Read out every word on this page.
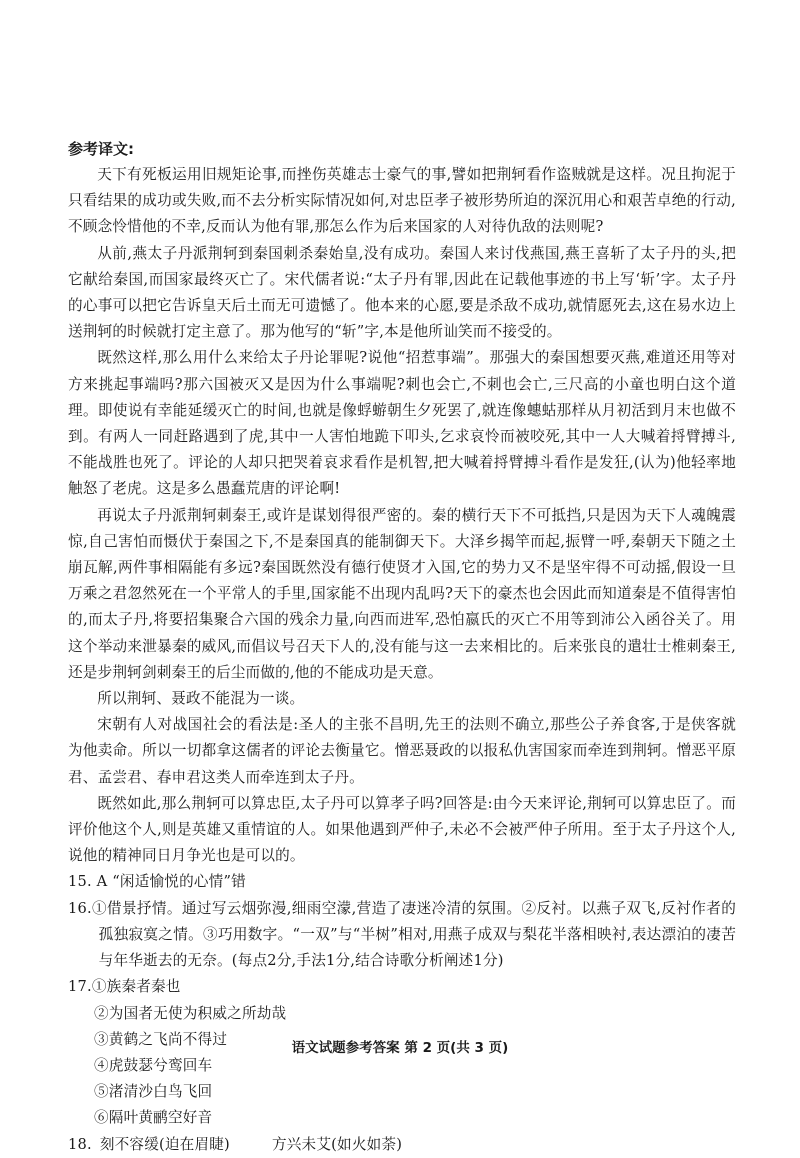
参考译文:

天下有死板运用旧规矩论事,而挫伤英雄志士豪气的事,譬如把荆轲看作盗贼就是这样。况且拘泥于只看结果的成功或失败,而不去分析实际情况如何,对忠臣孝子被形势所迫的深沉用心和艰苦卓绝的行动,不顾念怜惜他的不幸,反而认为他有罪,那怎么作为后来国家的人对待仇敌的法则呢?

从前,燕太子丹派荆轲到秦国刺杀秦始皇,没有成功。秦国人来讨伐燕国,燕王喜斩了太子丹的头,把它献给秦国,而国家最终灭亡了。宋代儒者说:“太子丹有罪,因此在记载他事迹的书上写‘斩’字。太子丹的心事可以把它告诉皇天后土而无可遗憾了。他本来的心愿,要是杀敌不成功,就情愿死去,这在易水边上送荆轲的时候就打定主意了。那为他写的“斩”字,本是他所讪笑而不接受的。

既然这样,那么用什么来给太子丹论罪呢?说他“招惹事端”。那强大的秦国想要灭燕,难道还用等对方来挑起事端吗?那六国被灭又是因为什么事端呢?刺也会亡,不刺也会亡,三尺高的小童也明白这个道理。即使说有幸能延缓灭亡的时间,也就是像蜉蝣朝生夕死罢了,就连像蟪蛄那样从月初活到月末也做不到。有两人一同赶路遇到了虎,其中一人害怕地跪下叩头,乞求哀怜而被咬死,其中一人大喊着捋臂搏斗,不能战胜也死了。评论的人却只把哭着哀求看作是机智,把大喊着捋臂搏斗看作是发狂,(认为)他轻率地触怒了老虎。这是多么愚蠢荒唐的评论啊!

再说太子丹派荆轲刺秦王,或许是谋划得很严密的。秦的横行天下不可抵挡,只是因为天下人魂魄震惊,自己害怕而慑伏于秦国之下,不是秦国真的能制御天下。大泽乡揭竿而起,振臂一呼,秦朝天下随之土崩瓦解,两件事相隔能有多远?秦国既然没有德行使贤才入国,它的势力又不是坚牢得不可动摇,假设一旦万乘之君忽然死在一个平常人的手里,国家能不出现内乱吗?天下的豪杰也会因此而知道秦是不值得害怕的,而太子丹,将要招集聚合六国的残余力量,向西而进军,恐怕嬴氏的灭亡不用等到沛公入函谷关了。用这个举动来泄暴秦的威风,而倡议号召天下人的,没有能与这一去来相比的。后来张良的遣壮士椎刺秦王,还是步荆轲剑刺秦王的后尘而做的,他的不能成功是天意。

所以荆轲、聂政不能混为一谈。

宋朝有人对战国社会的看法是:圣人的主张不昌明,先王的法则不确立,那些公子养食客,于是侠客就为他卖命。所以一切都拿这儒者的评论去衡量它。憎恶聂政的以报私仇害国家而牵连到荆轲。憎恶平原君、孟尝君、春申君这类人而牵连到太子丹。

既然如此,那么荆轲可以算忠臣,太子丹可以算孝子吗?回答是:由今天来评论,荆轲可以算忠臣了。而评价他这个人,则是英雄又重情谊的人。如果他遇到严仲子,未必不会被严仲子所用。至于太子丹这个人,说他的精神同日月争光也是可以的。

15. A “闲适愉悦的心情”错
16.①借景抒情。通过写云烟弥漫,细雨空濛,营造了凄迷冷清的氛围。②反衬。以燕子双飞,反衬作者的孤独寂寞之情。③巧用数字。“一双”与“半树”相对,用燕子成双与梨花半落相映衬,表达漂泊的凄苦与年华逝去的无奈。(每点2分,手法1分,结合诗歌分析阐述1分)
17.①族秦者秦也
②为国者无使为积威之所劫哉
③黄鹤之飞尚不得过
④虎鼓瑟兮鸾回车
⑤渚清沙白鸟飞回
⑥隔叶黄鹂空好音
18. 刻不容缓(迫在眉睫)	方兴未艾(如火如荼)
语文试题参考答案 第 2 页(共 3 页)
